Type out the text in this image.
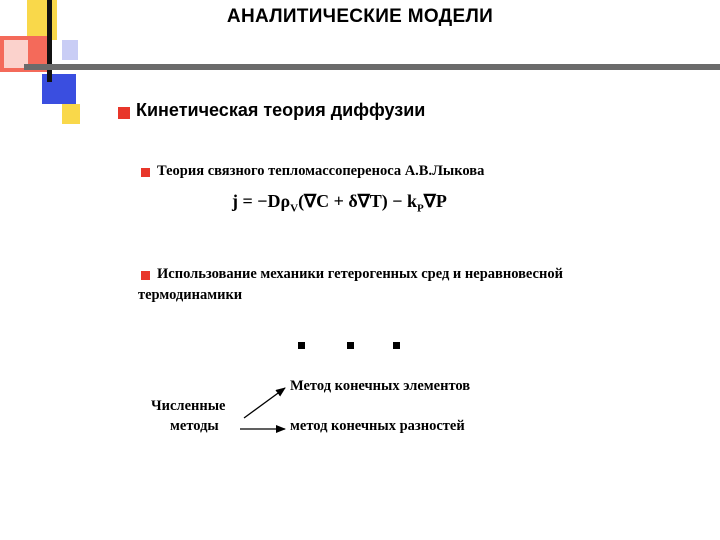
АНАЛИТИЧЕСКИЕ МОДЕЛИ
Кинетическая теория диффузии
Теория связного тепломассопереноса А.В.Лыкова
$j = -D\rho_V(\nabla C + \delta\nabla T) - k_P\nabla P$
Использование механики гетерогенных сред и неравновесной
термодинамики
Численные
методы
Метод конечных элементов
метод конечных разностей
